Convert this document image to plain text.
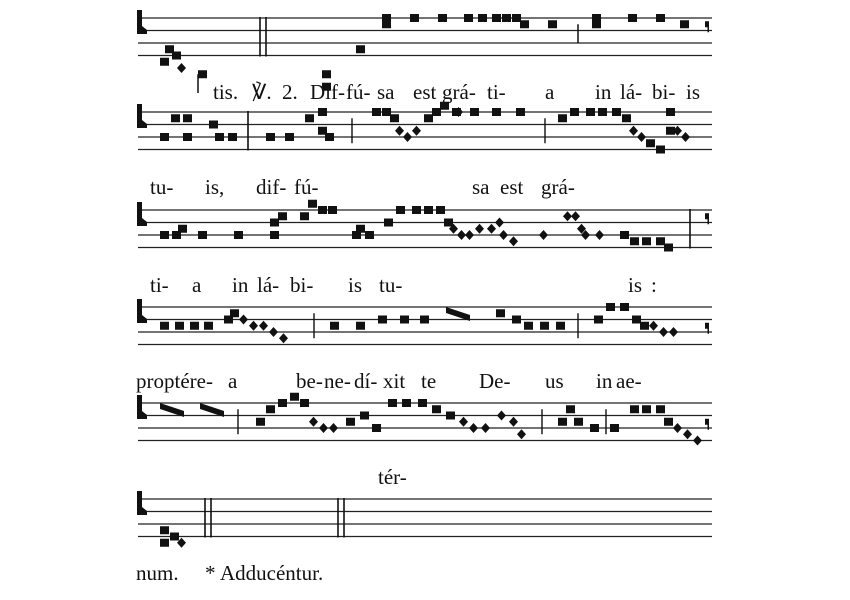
tis. ℣. 2. Dif- fú- sa est grá- ti- a in lá- bi- is
tu- is, dif- fú-	sa est grá-
ti- a in lá- bi- is tu-	is :
proptére- a	be- ne- dí- xit te De- us in ae-
tér-
num. * Adducéntur.
